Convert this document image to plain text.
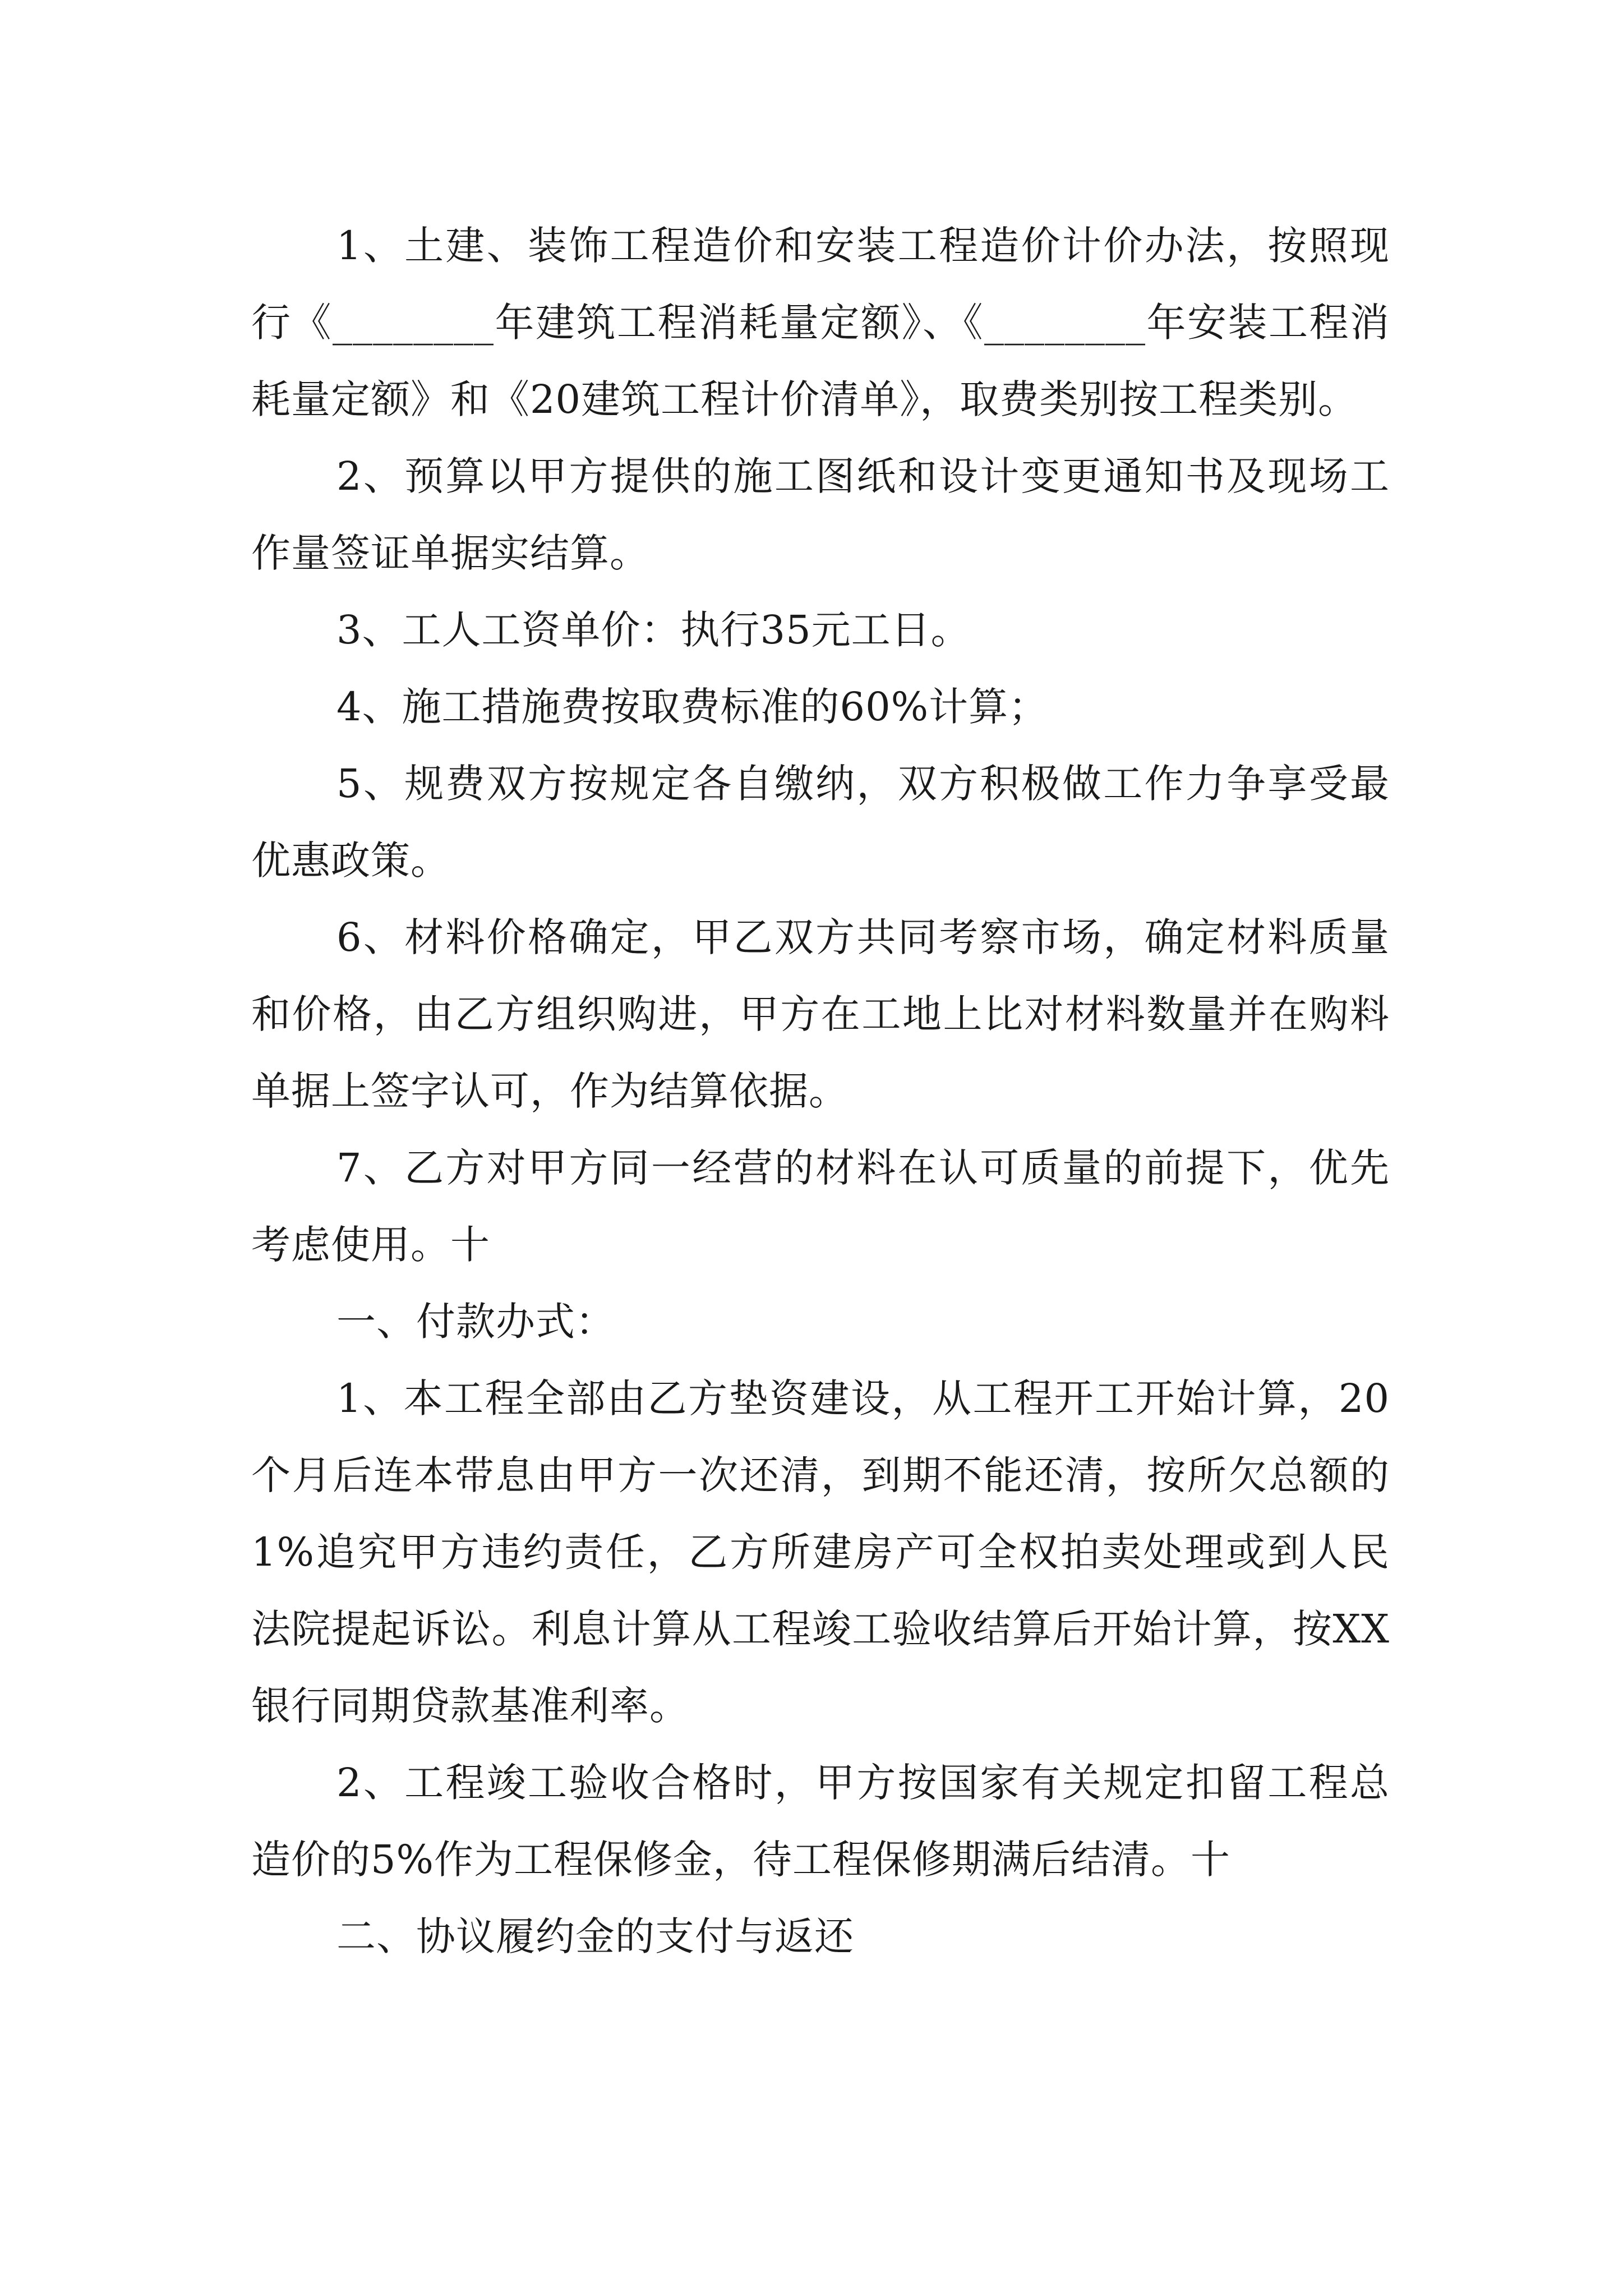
1、土建、装饰工程造价和安装工程造价计价办法，按照现行《________年建筑工程消耗量定额》、《________年安装工程消耗量定额》和《20建筑工程计价清单》，取费类别按工程类别。

2、预算以甲方提供的施工图纸和设计变更通知书及现场工作量签证单据实结算。

3、工人工资单价：执行35元工日。

4、施工措施费按取费标准的60%计算；

5、规费双方按规定各自缴纳，双方积极做工作力争享受最优惠政策。

6、材料价格确定，甲乙双方共同考察市场，确定材料质量和价格，由乙方组织购进，甲方在工地上比对材料数量并在购料单据上签字认可，作为结算依据。

7、乙方对甲方同一经营的材料在认可质量的前提下，优先考虑使用。十

一、付款办式：

1、本工程全部由乙方垫资建设，从工程开工开始计算，20个月后连本带息由甲方一次还清，到期不能还清，按所欠总额的1%追究甲方违约责任，乙方所建房产可全权拍卖处理或到人民法院提起诉讼。利息计算从工程竣工验收结算后开始计算，按XX银行同期贷款基准利率。

2、工程竣工验收合格时，甲方按国家有关规定扣留工程总造价的5%作为工程保修金，待工程保修期满后结清。十

二、协议履约金的支付与返还
